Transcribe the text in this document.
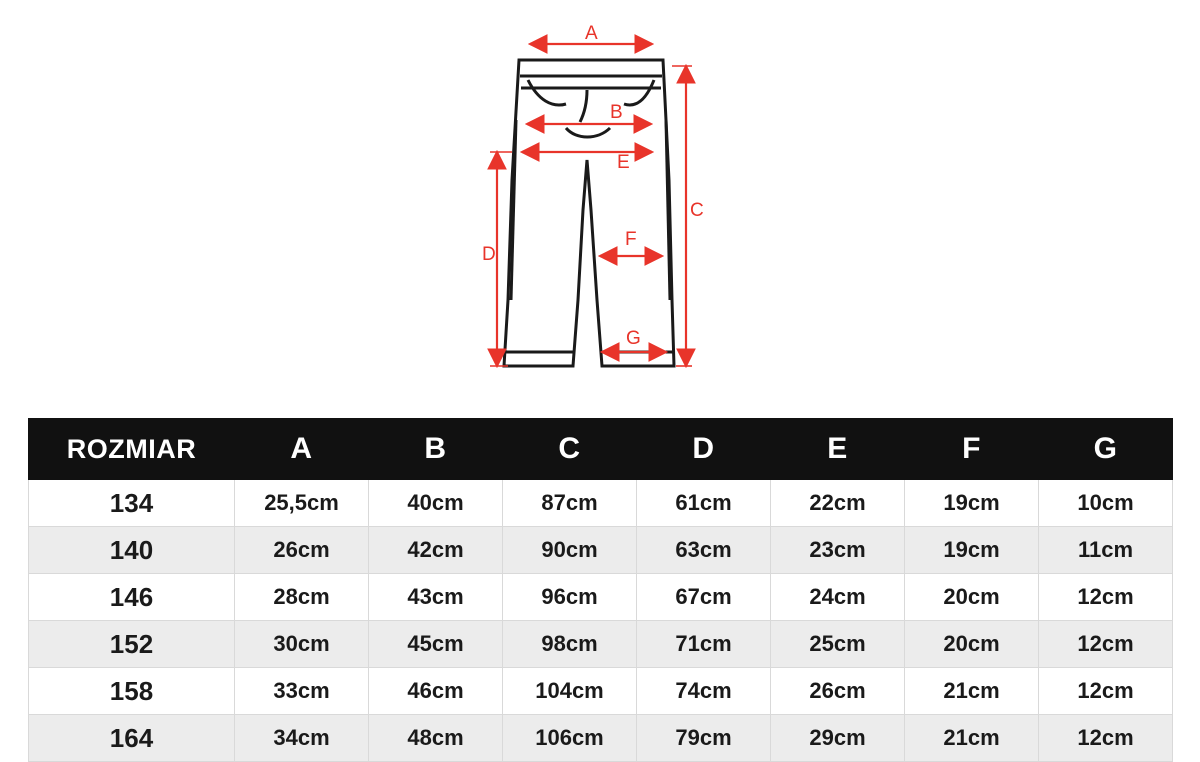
A
B
C
D
E
F
G
ROZMIAR	A	B	C	D	E	F	G
134	25,5cm	40cm	87cm	61cm	22cm	19cm	10cm
140	26cm	42cm	90cm	63cm	23cm	19cm	11cm
146	28cm	43cm	96cm	67cm	24cm	20cm	12cm
152	30cm	45cm	98cm	71cm	25cm	20cm	12cm
158	33cm	46cm	104cm	74cm	26cm	21cm	12cm
164	34cm	48cm	106cm	79cm	29cm	21cm	12cm
